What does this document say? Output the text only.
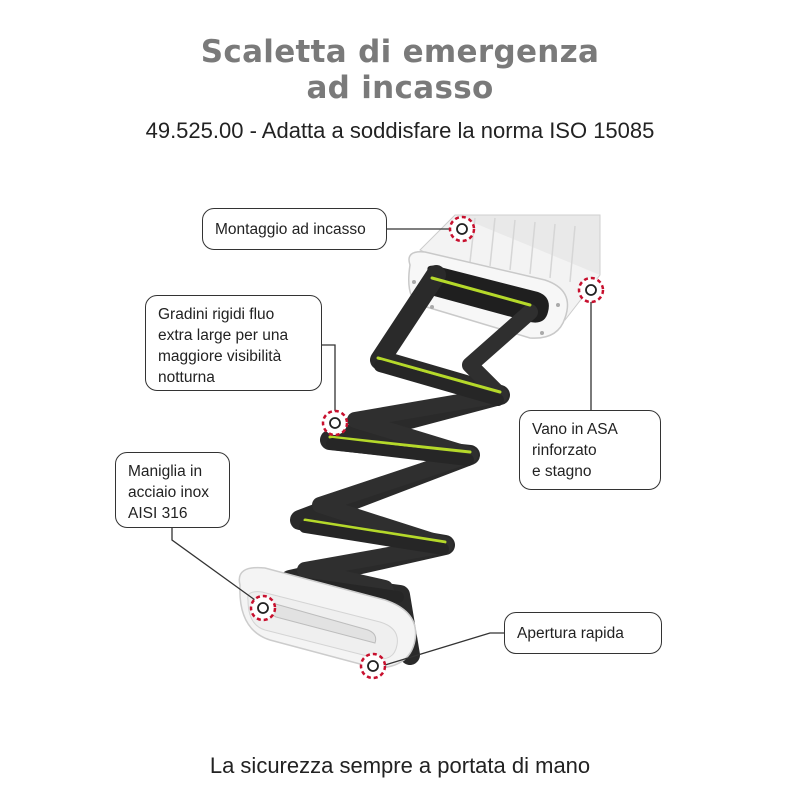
Scaletta di emergenza
ad incasso

49.525.00 - Adatta a soddisfare la norma ISO 15085

Montaggio ad incasso
Gradini rigidi fluo
extra large per una
maggiore visibilità
notturna
Vano in ASA
rinforzato
e stagno
Maniglia in
acciaio inox
AISI 316
Apertura rapida

La sicurezza sempre a portata di mano
